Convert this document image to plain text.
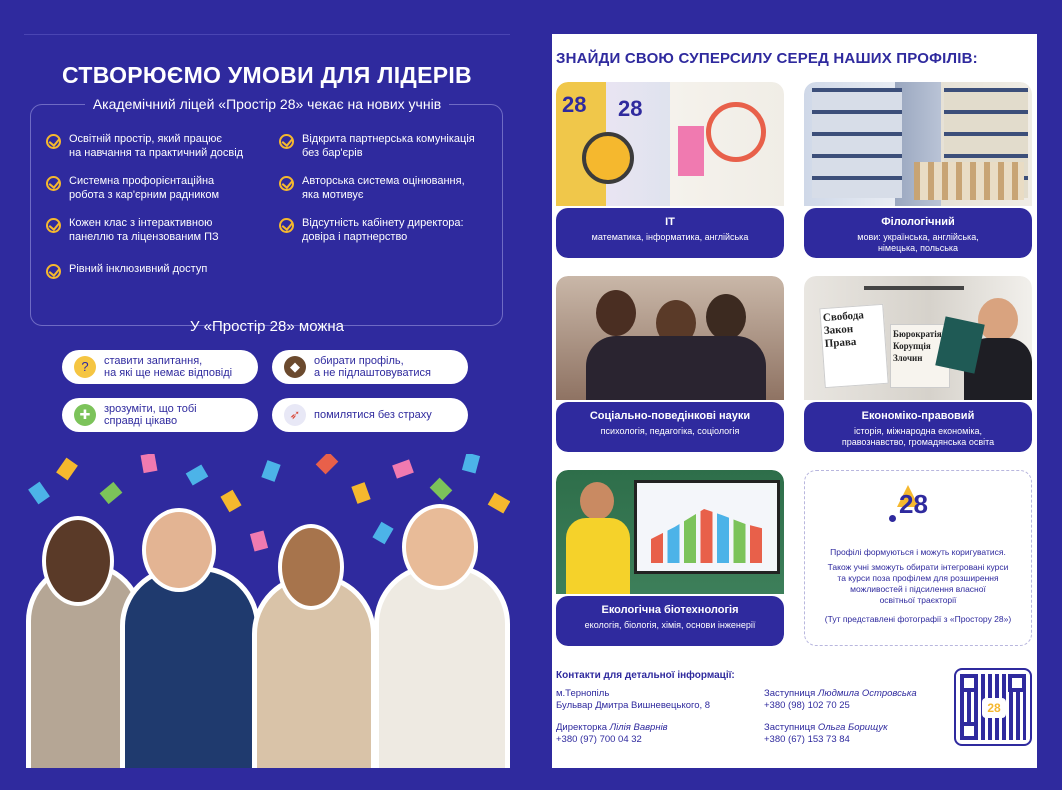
СТВОРЮЄМО УМОВИ ДЛЯ ЛІДЕРІВ
Академічний ліцей «Простір 28» чекає на нових учнів
Освітній простір, який працює
на навчання та практичний досвід
Відкрита партнерська комунікація
без бар'єрів
Системна профорієнтаційна
робота з кар'єрним радником
Авторська система оцінювання,
яка мотивує
Кожен клас з інтерактивною
панеллю та ліцензованим ПЗ
Відсутність кабінету директора:
довіра і партнерство
Рівний інклюзивний доступ
У «Простір 28» можна
?	ставити запитання,
на які ще немає відповіді	◆	обирати профіль,
а не підлаштовуватися
✚	зрозуміти, що тобі
справді цікаво	➶	помилятися без страху
ЗНАЙДИ СВОЮ СУПЕРСИЛУ СЕРЕД НАШИХ ПРОФІЛІВ:
28 28
IT
математика, інформатика, англійська
Філологічний
мови: українська, англійська,
німецька, польська
Соціально-поведінкові науки
психологія, педагогіка, соціологія
Свобода
Закон
Права
Бюрократія
Корупція
Злочин
Економіко-правовий
історія, міжнародна економіка,
правознавство, громадянська освіта
Екологічна біотехнологія
екологія, біологія, хімія, основи інженерії
28
Профілі формуються і можуть коригуватися.
Також учні зможуть обирати інтегровані курси
та курси поза профілем для розширення
можливостей і підсилення власної
освітньої траєкторії
(Тут представлені фотографії з «Простору 28»)
Контакти для детальної інформації:
м.Тернопіль
Бульвар Дмитра Вишневецького, 8
Директорка Лілія Ваврнів
+380 (97) 700 04 32
Заступниця Людмила Островська
+380 (98) 102 70 25
Заступниця Ольга Борищук
+380 (67) 153 73 84
28
